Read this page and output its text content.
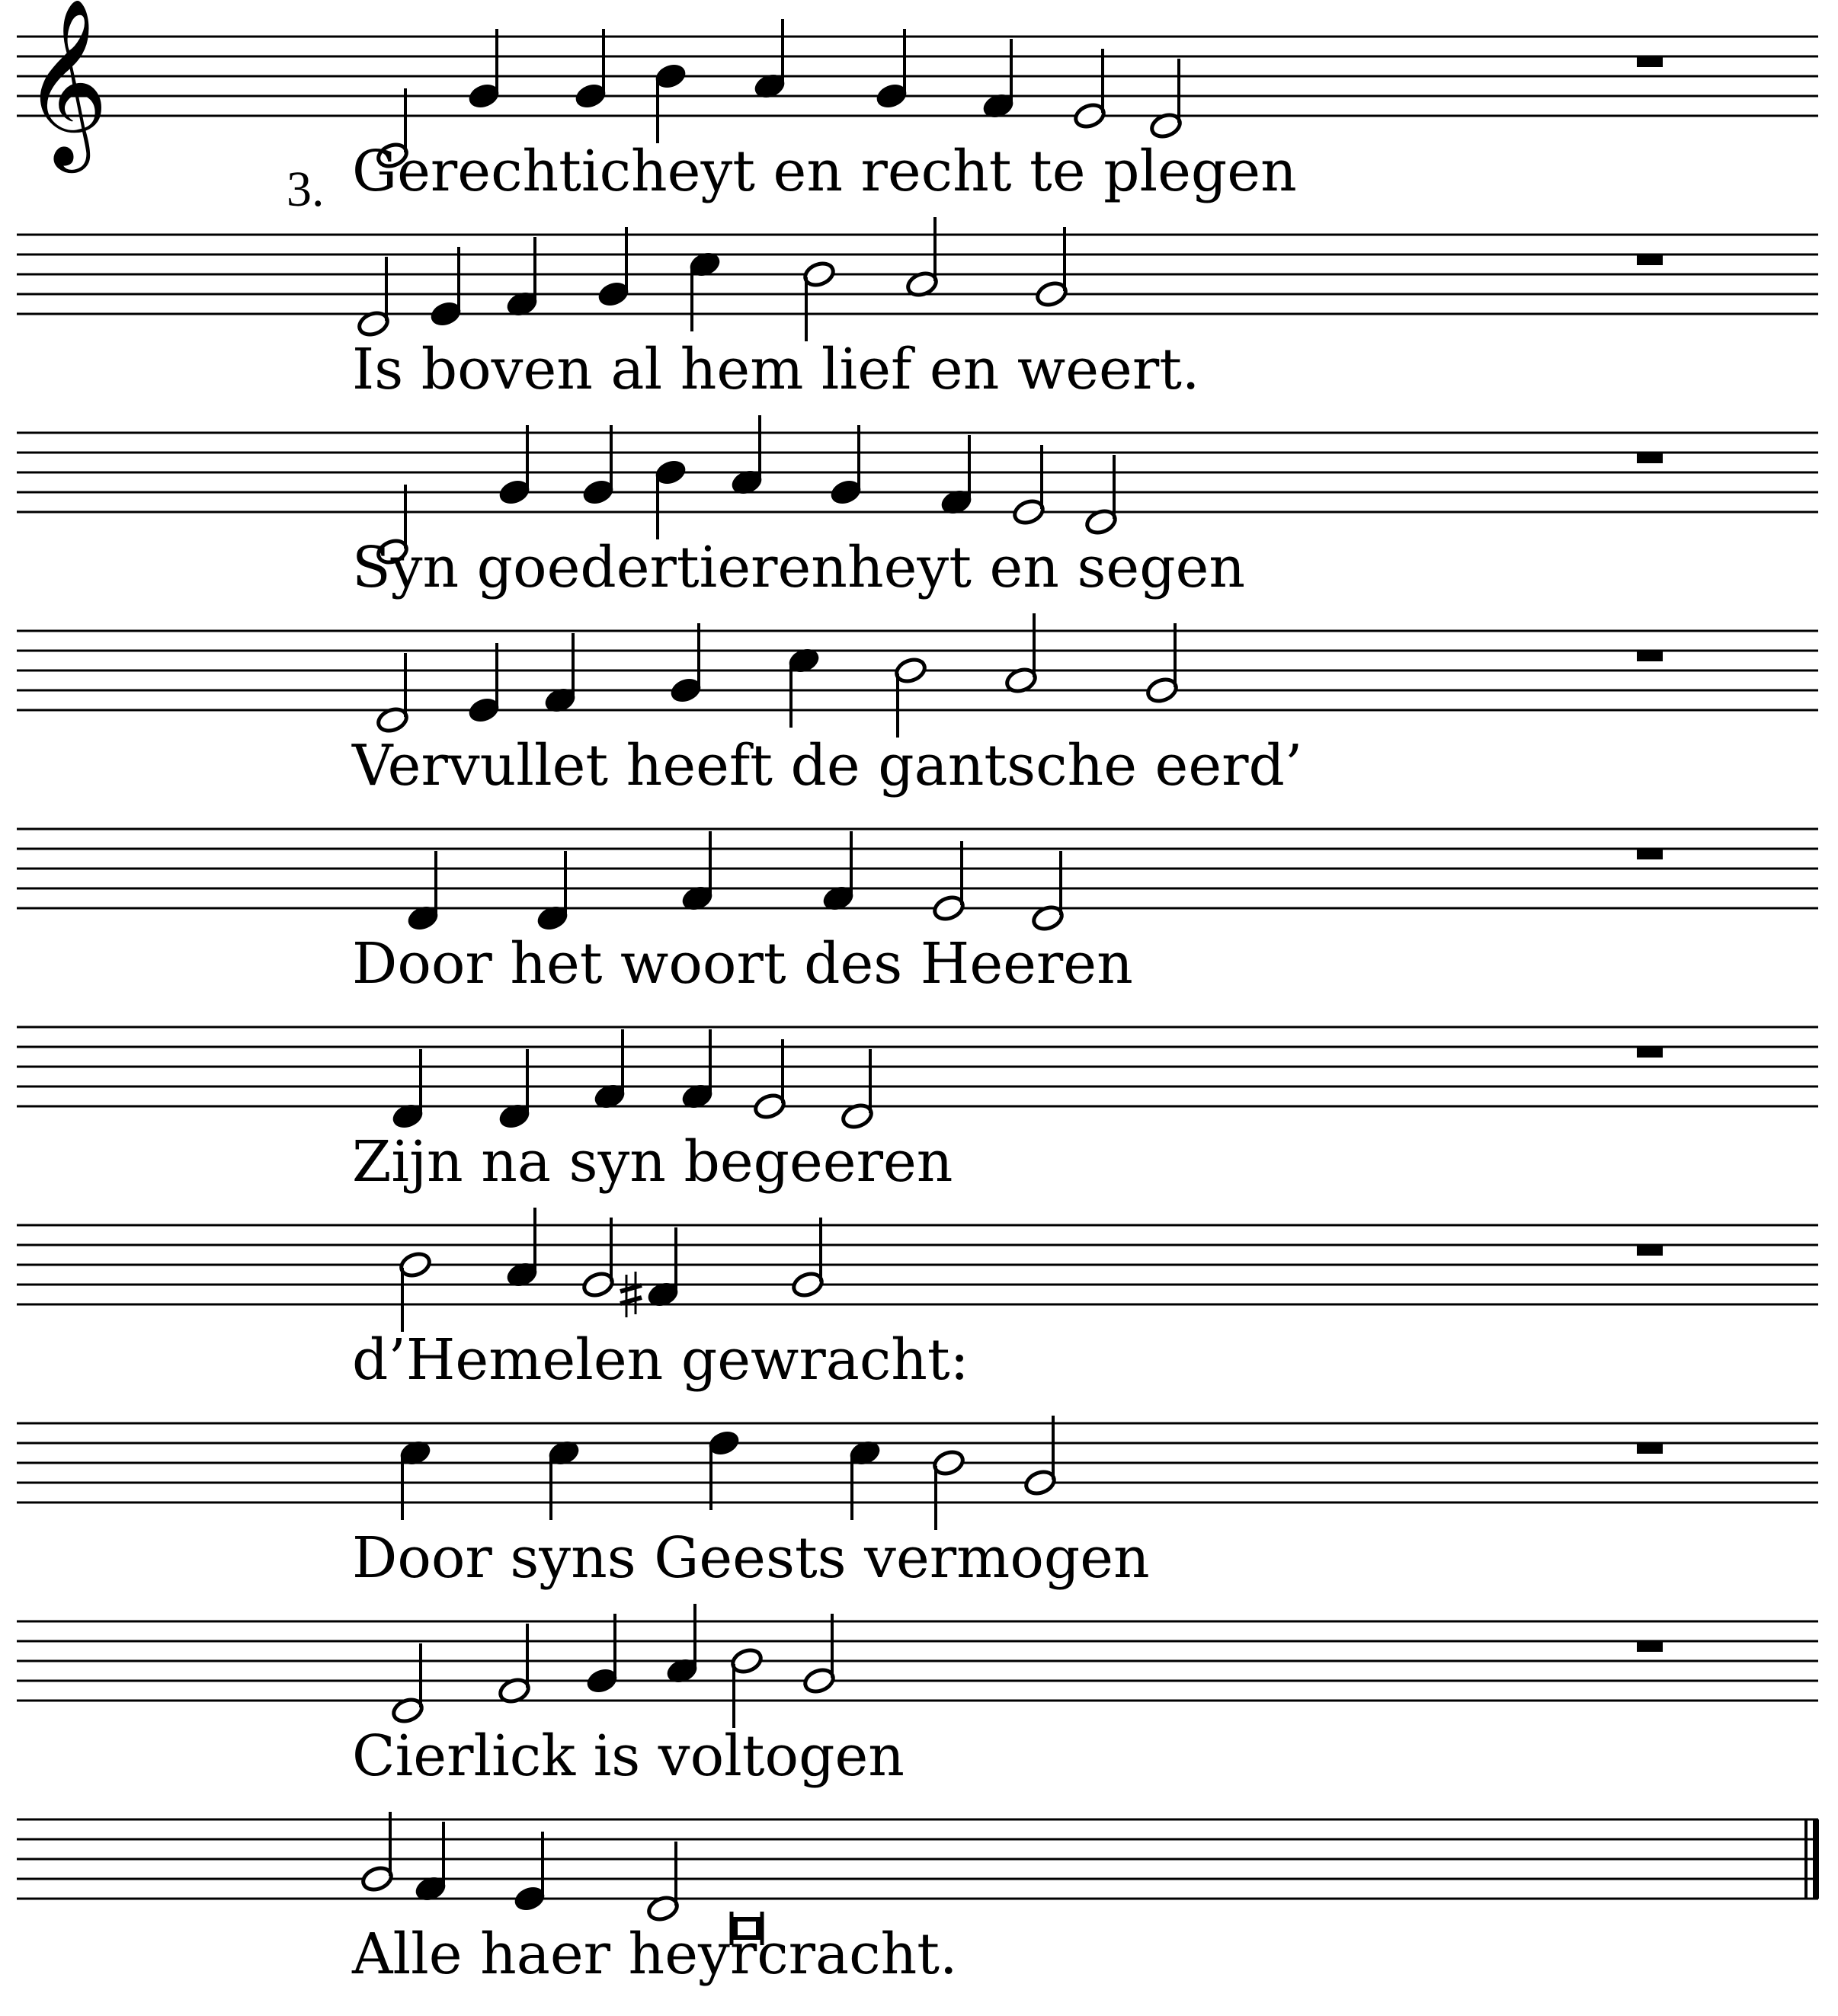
𝄞
3. Gerechticheyt en recht te plegen
Is boven al hem lief en weert.
Syn goedertierenheyt en segen
Vervullet heeft de gantsche eerd’
Door het woort des Heeren
Zijn na syn begeeren
d’Hemelen gewracht:
Door syns Geests vermogen
Cierlick is voltogen
Alle haer heyrcracht.
